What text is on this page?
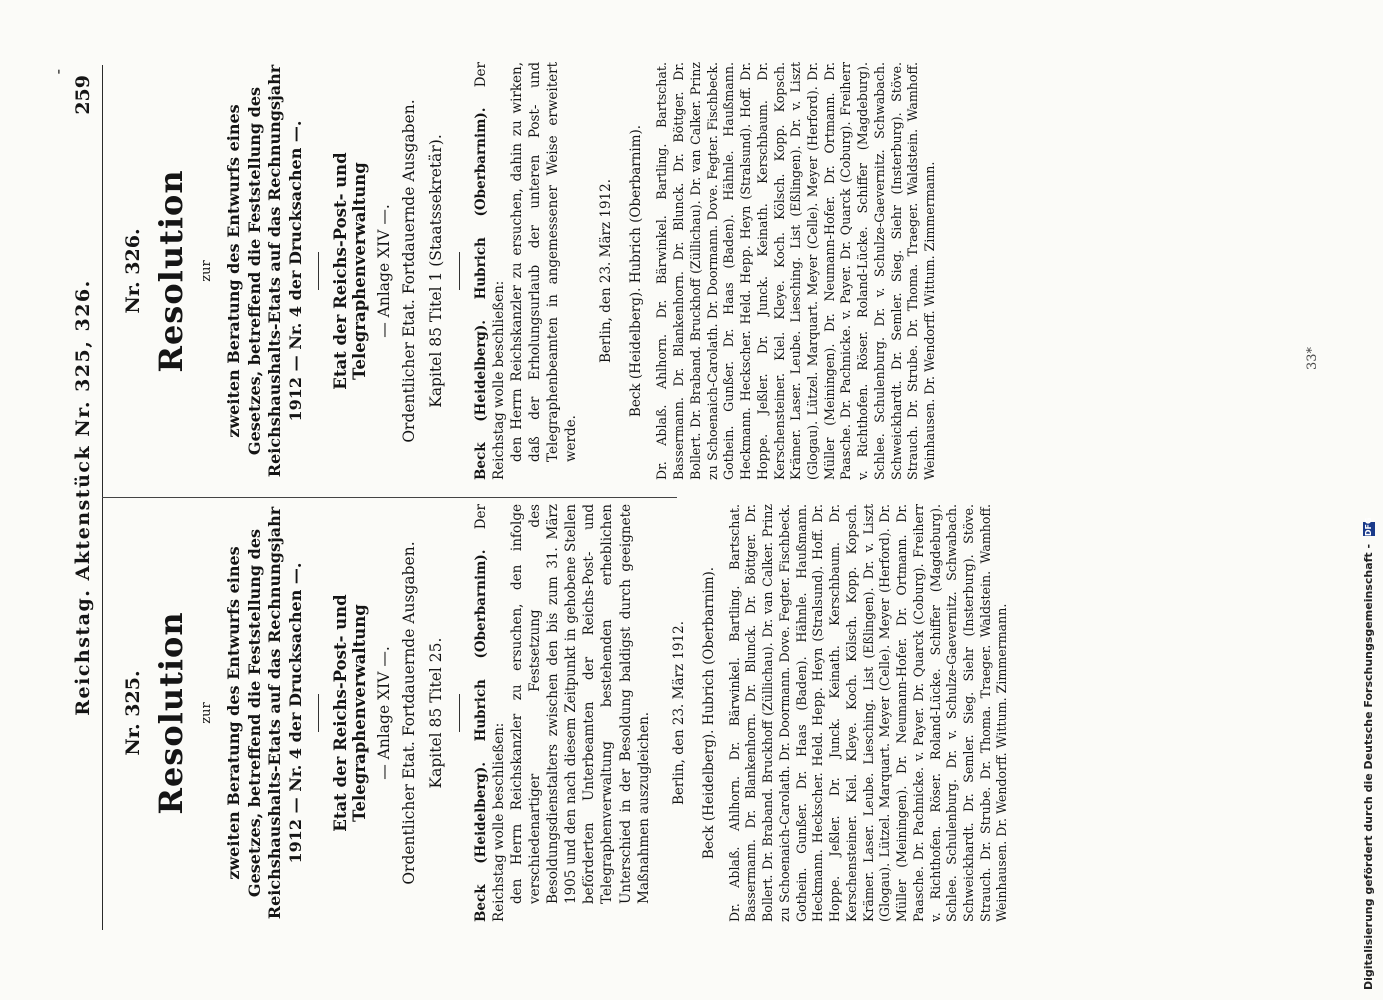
-
Reichstag. Aktenstück Nr. 325, 326.
259
Nr. 325. Resolution zur zweiten Beratung des Entwurfs eines Gesetzes, betreffend die Feststellung des Reichshaushalts-Etats auf das Rechnungsjahr 1912 — Nr. 4 der Drucksachen —. Etat der Reichs-Post- und Telegraphenverwaltung — Anlage XIV —. Ordentlicher Etat. Fortdauernde Ausgaben. Kapitel 85 Titel 25. Beck (Heidelberg). Hubrich (Oberbarnim). Der Reichstag wolle beschließen: den Herrn Reichskanzler zu ersuchen, den infolge verschiedenartiger Festsetzung des Besoldungsdienstalters zwischen den bis zum 31. März 1905 und den nach diesem Zeitpunkt in gehobene Stellen beförderten Unterbeamten der Reichs-Post- und Telegraphenverwaltung bestehenden erheblichen Unterschied in der Besoldung baldigst durch geeignete Maßnahmen auszugleichen. Berlin, den 23. März 1912. Beck (Heidelberg). Hubrich (Oberbarnim). Dr. Ablaß. Ahlhorn. Dr. Bärwinkel. Bartling. Bartschat. Bassermann. Dr. Blankenhorn. Dr. Blunck. Dr. Böttger. Dr. Bollert. Dr. Braband. Bruckhoff (Züllichau). Dr. van Calker. Prinz zu Schoenaich-Carolath. Dr. Doormann. Dove. Fegter. Fischbeck. Gothein. Gunßer. Dr. Haas (Baden). Hähnle. Haußmann. Heckmann. Heckscher. Held. Hepp. Heyn (Stralsund). Hoff. Dr. Hoppe. Jeßler. Dr. Junck. Keinath. Kerschbaum. Dr. Kerschensteiner. Kiel. Kleye. Koch. Kölsch. Kopp. Kopsch. Krämer. Laser. Leube. Liesching. List (Eßlingen). Dr. v. Liszt (Glogau). Lützel. Marquart. Meyer (Celle). Meyer (Herford). Dr. Müller (Meiningen). Dr. Neumann-Hofer. Dr. Ortmann. Dr. Paasche. Dr. Pachnicke. v. Payer. Dr. Quarck (Coburg). Freiherr v. Richthofen. Röser. Roland-Lücke. Schiffer (Magdeburg). Schlee. Schulenburg. Dr. v. Schulze-Gaevernitz. Schwabach. Schweickhardt. Dr. Semler. Sieg. Siehr (Insterburg). Stöve. Strauch. Dr. Strube. Dr. Thoma. Traeger. Waldstein. Wamhoff. Weinhausen. Dr. Wendorff. Wittum. Zimmermann.
Nr. 326. Resolution zur zweiten Beratung des Entwurfs eines Gesetzes, betreffend die Feststellung des Reichshaushalts-Etats auf das Rechnungsjahr 1912 — Nr. 4 der Drucksachen —. Etat der Reichs-Post- und Telegraphenverwaltung — Anlage XIV —. Ordentlicher Etat. Fortdauernde Ausgaben. Kapitel 85 Titel 1 (Staatssekretär). Beck (Heidelberg). Hubrich (Oberbarnim). Der Reichstag wolle beschließen: den Herrn Reichskanzler zu ersuchen, dahin zu wirken, daß der Erholungsurlaub der unteren Post- und Telegraphenbeamten in angemessener Weise erweitert werde.
Berlin, den 23. März 1912. Beck (Heidelberg). Hubrich (Oberbarnim). Dr. Ablaß. Ahlhorn. Dr. Bärwinkel. Bartling. Bartschat. Bassermann. Dr. Blankenhorn. Dr. Blunck. Dr. Böttger. Dr. Bollert. Dr. Braband. Bruckhoff (Züllichau). Dr. van Calker. Prinz zu Schoenaich-Carolath. Dr. Doormann. Dove. Fegter. Fischbeck. Gothein. Gunßer. Dr. Haas (Baden). Hähnle. Haußmann. Heckmann. Heckscher. Held. Hepp. Heyn (Stralsund). Hoff. Dr. Hoppe. Jeßler. Dr. Junck. Keinath. Kerschbaum. Dr. Kerschensteiner. Kiel. Kleye. Koch. Kölsch. Kopp. Kopsch. Krämer. Laser. Leube. Liesching. List (Eßlingen). Dr. v. Liszt (Glogau). Lützel. Marquart. Meyer (Celle). Meyer (Herford). Dr. Müller (Meiningen). Dr. Neumann-Hofer. Dr. Ortmann. Dr. Paasche. Dr. Pachnicke. v. Payer. Dr. Quarck (Coburg). Freiherr v. Richthofen. Röser. Roland-Lücke. Schiffer (Magdeburg). Schlee. Schulenburg. Dr. v. Schulze-Gaevernitz. Schwabach. Schweickhardt. Dr. Semler. Sieg. Siehr (Insterburg). Stöve. Strauch. Dr. Strube. Dr. Thoma. Traeger. Waldstein. Wamhoff. Weinhausen. Dr. Wendorff. Wittum. Zimmermann.	33*
Digitalisierung gefördert durch die Deutsche Forschungsgemeinschaft - DFG
